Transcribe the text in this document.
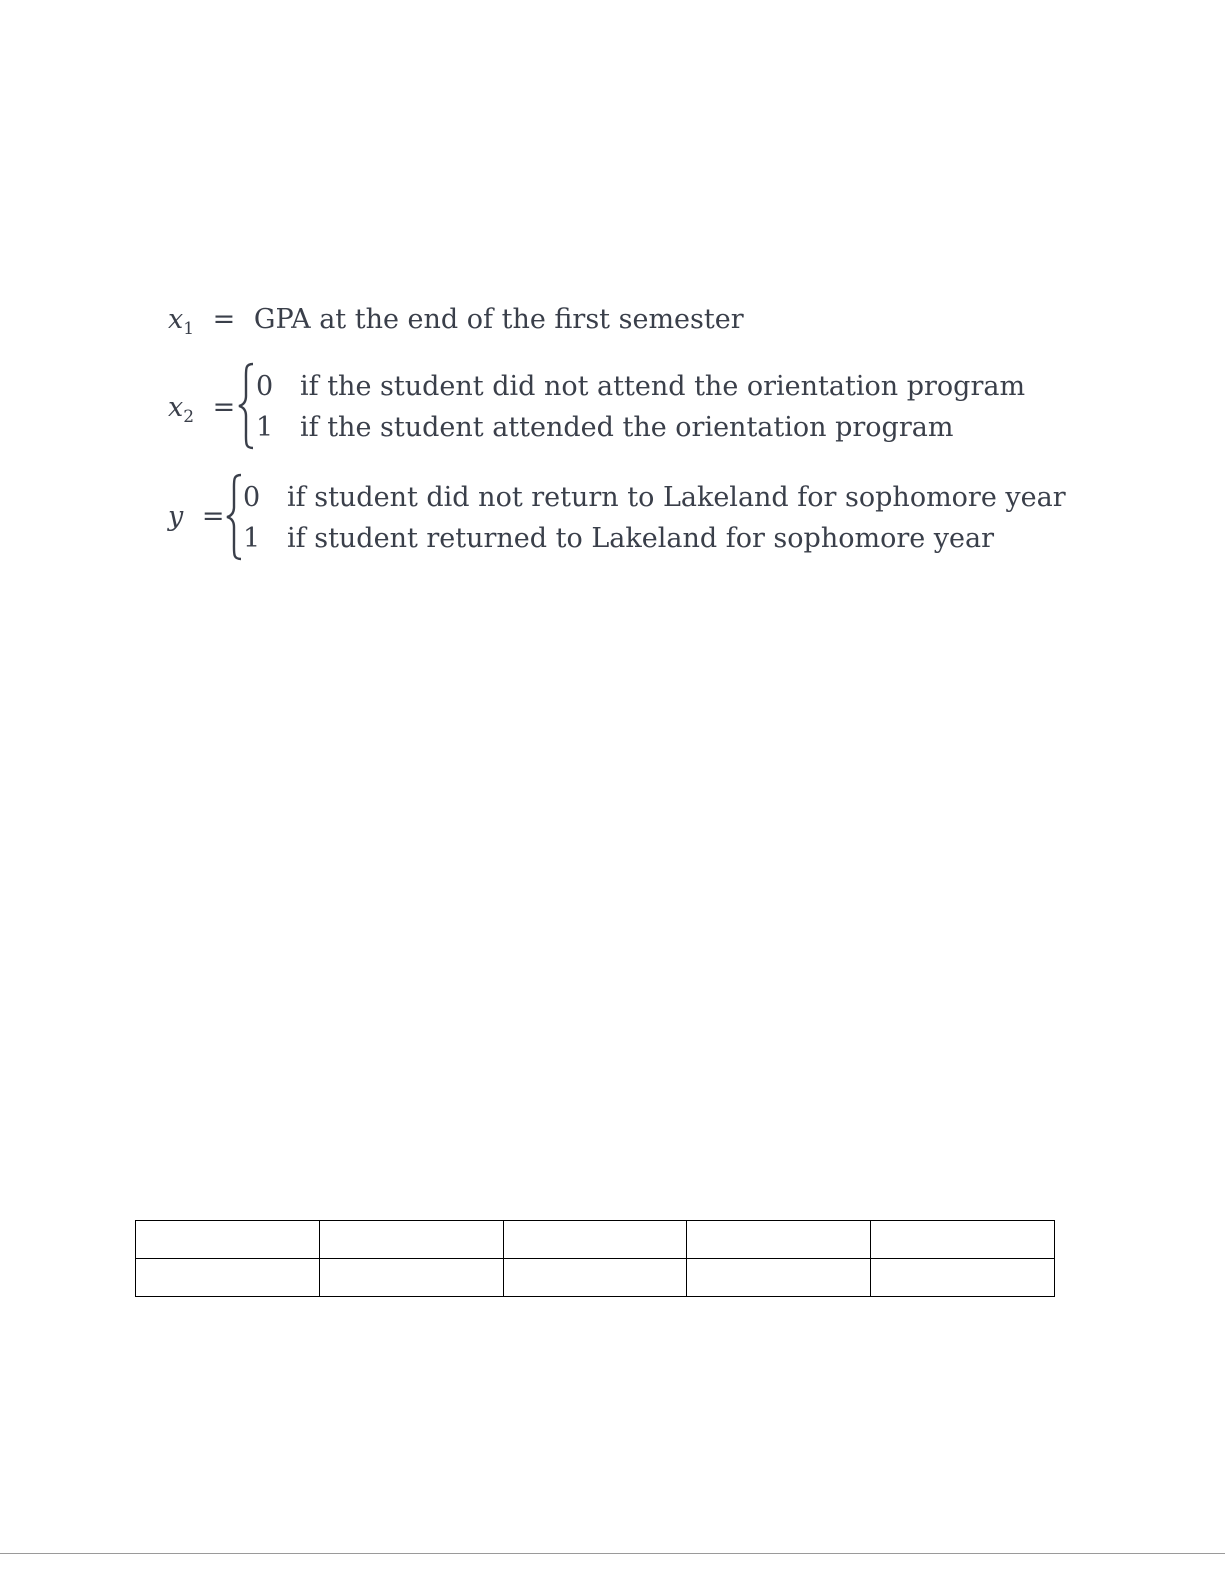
$x_1$ = GPA at the end of the first semester
$x_2$ =
0 if the student did not attend the orientation program
1 if the student attended the orientation program
y =
0 if student did not return to Lakeland for sophomore year
1 if student returned to Lakeland for sophomore year
